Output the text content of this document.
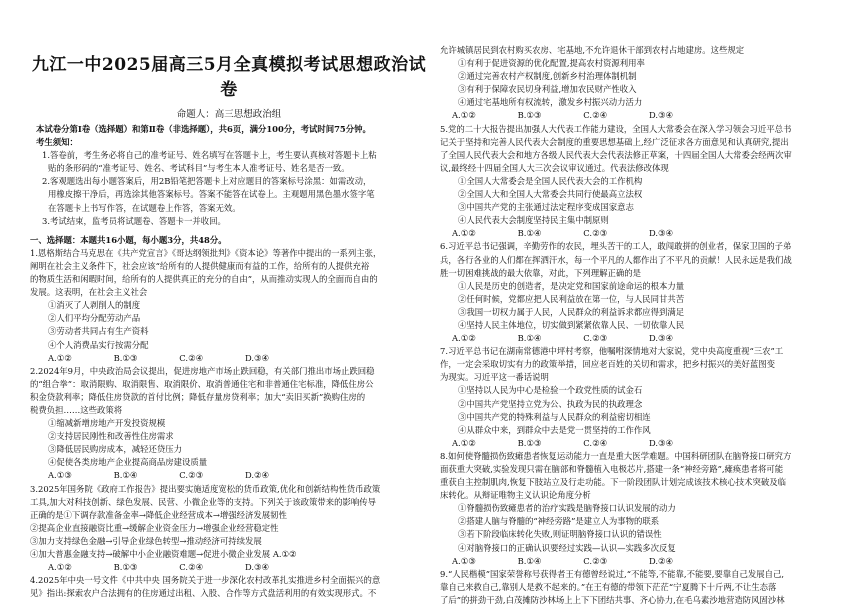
九江一中2025届高三5月全真模拟考试思想政治试卷
命题人：高三思想政治组
本试卷分第Ⅰ卷（选择题）和第Ⅱ卷（非选择题），共6页，满分100分，考试时间75分钟。
考生须知：
1.答卷前，考生务必将自己的准考证号、姓名填写在答题卡上，考生要认真核对答题卡上粘
贴的条形码的“准考证号、姓名、考试科目”与考生本人准考证号、姓名是否一致。
2.客观题选出每小题答案后，用2B铅笔把答题卡上对应题目的答案标号涂黑：如需改动，
用橡皮擦干净后，再选涂其他答案标号。答案不能答在试卷上。主观题用黑色墨水签字笔
在答题卡上书写作答，在试题卷上作答，答案无效。
3.考试结束，监考员将试题卷、答题卡一并收回。
一、选择题：本题共16小题，每小题3分，共48分。
1.恩格斯结合马克思在《共产党宣言》《哥达纲领批判》《资本论》等著作中提出的一系列主张，
阐明在社会主义条件下，社会应该“给所有的人提供健康而有益的工作，给所有的人提供充裕
的物质生活和闲暇时间，给所有的人提供真正的充分的自由”，从而推动实现人的全面而自由的
发展。这表明，在社会主义社会
①消灭了人剥削人的制度
②人们平均分配劳动产品
③劳动者共同占有生产资料
④个人消费品实行按需分配
A.①②　　　　　B.①③　　　　　C.②④　　　　　D.③④
2.2024年9月，中央政治局会议提出，促进房地产市场止跌回稳，有关部门推出市场止跌回稳
的“组合拳”：取消限购、取消限售、取消限价、取消普通住宅和非普通住宅标准，降低住房公
积金贷款利率；降低住房贷款的首付比例；降低存量房贷利率；加大“卖旧买新”换购住房的
税费负担……这些政策将
①缩减新增房地产开发投资规模
②支持居民刚性和改善性住房需求
③降低居民购房成本，减轻还贷压力
④促使各类房地产企业提高商品房建设质量
A.①③　　　　　B.①④　　　　　C.②③　　　　　D.②④
3.2025年国务院《政府工作报告》提出要实施适度宽松的货币政策,优化和创新结构性货币政策
工具,加大对科技创新、绿色发展、民营、小微企业等的支持。下列关于该政策带来的影响传导
正确的是①下调存款准备金率→降低企业经营成本→增强经济发展韧性
②提高企业直接融资比重→缓解企业资金压力→增强企业经营稳定性
③加力支持绿色金融→引导企业绿色转型→推动经济可持续发展
④加大普惠金融支持→破解中小企业融资难题→促进小微企业发展 A.①②
A.①②　　　　　B.①③　　　　　C.②④　　　　　D.③④
4.2025年中央一号文件《中共中央 国务院关于进一步深化农村改革扎实推进乡村全面振兴的意
见》指出:探索农户合法拥有的住房通过出租、入股、合作等方式盘活利用的有效实现形式。不
允许城镇居民到农村购买农房、宅基地,不允许退休干部到农村占地建房。这些规定
①有利于促进资源的优化配置,提高农村资源利用率
②通过完善农村产权制度,创新乡村治理体制机制
③有利于保障农民切身利益,增加农民财产性收入
④通过宅基地所有权流转，激发乡村振兴动力活力
A.①②　　　　　B.①③　　　　　C.②④　　　　　D.③④
5.党的二十大报告提出加强人大代表工作能力建设，全国人大常委会在深入学习领会习近平总书
记关于坚持和完善人民代表大会制度的重要思想基础上,经广泛征求各方面意见和认真研究,提出
了全国人民代表大会和地方各级人民代表大会代表法修正草案，十四届全国人大常委会经两次审
议,最终经十四届全国人大三次会议审议通过。代表法修改体现
①全国人大常委会是全国人民代表大会的工作机构
②全国人大和全国人大常委会共同行使最高立法权
③中国共产党的主张通过法定程序变成国家意志
④人民代表大会制度坚持民主集中制原则
A.①②　　　　　B.①④　　　　　C.②③　　　　　D.③④
6.习近平总书记强调，辛勤劳作的农民，埋头苦干的工人，敢闯敢拼的创业者，保家卫国的子弟
兵，各行各业的人们都在挥洒汗水，每一个平凡的人都作出了不平凡的贡献！人民永远是我们战
胜一切困难挑战的最大依靠，对此，下列理解正确的是
①人民是历史的创造者，是决定党和国家前途命运的根本力量
②任何时候，党都应把人民利益放在第一位，与人民同甘共苦
③我国一切权力属于人民，人民群众的利益诉求都应得到满足
④坚持人民主体地位，切实做到紧紧依靠人民、一切依靠人民
A.①②　　　　　B.①④　　　　　C.②③　　　　　D.③④
7.习近平总书记在湖南常德港中坪村考察，他嘱咐深情地对大家说，党中央高度重视“三农”工
作，一定会采取切实有力的政策举措，回应老百姓的关切和需求，把乡村振兴的美好蓝图变
为现实。习近平这一番话说明
①坚持以人民为中心是检验一个政党性质的试金石
②中国共产党坚持立党为公、执政为民的执政理念
③中国共产党的特殊利益与人民群众的利益密切相连
④从群众中来，到群众中去是党一贯坚持的工作作风
A.①②　　　　　B.①③　　　　　C.②④　　　　　D.③④
8.如何使脊髓损伤致瘫患者恢复运动能力一直是重大医学难题。中国科研团队在脑脊接口研究方
面获重大突破,实验发现只需在脑部和脊髓植入电极芯片,搭建一条“神经旁路”,瘫痪患者将可能
重获自主控制肌肉,恢复下肢站立及行走功能。下一阶段团队计划完成该技术核心技术突破及临
床转化。从辩证唯物主义认识论角度分析
①脊髓损伤致瘫患者的治疗实践是脑脊接口认识发展的动力
②搭建人脑与脊髓的“神经旁路”是建立人为事物的联系
③若下阶段临床转化失败,则证明脑脊接口认识的错误性
④对脑脊接口的正确认识要经过实践—认识—实践多次反复
A.①③　　　　　B.①④　　　　　C.②③　　　　　D.②④
9.“人民楷模”国家荣誉称号获得者王有德曾经说过,“不能等,不能靠,不能要,要靠自己发展自己,
靠自己来救自己,靠别人是救不起来的。”在王有德的带领下茫茫“宁夏腾下十斤两,不让生态落
了后”的拼劲干劲,白茂摊防沙林场上上下下团结共事、齐心协力,在毛乌素沙地营造防风固沙林
